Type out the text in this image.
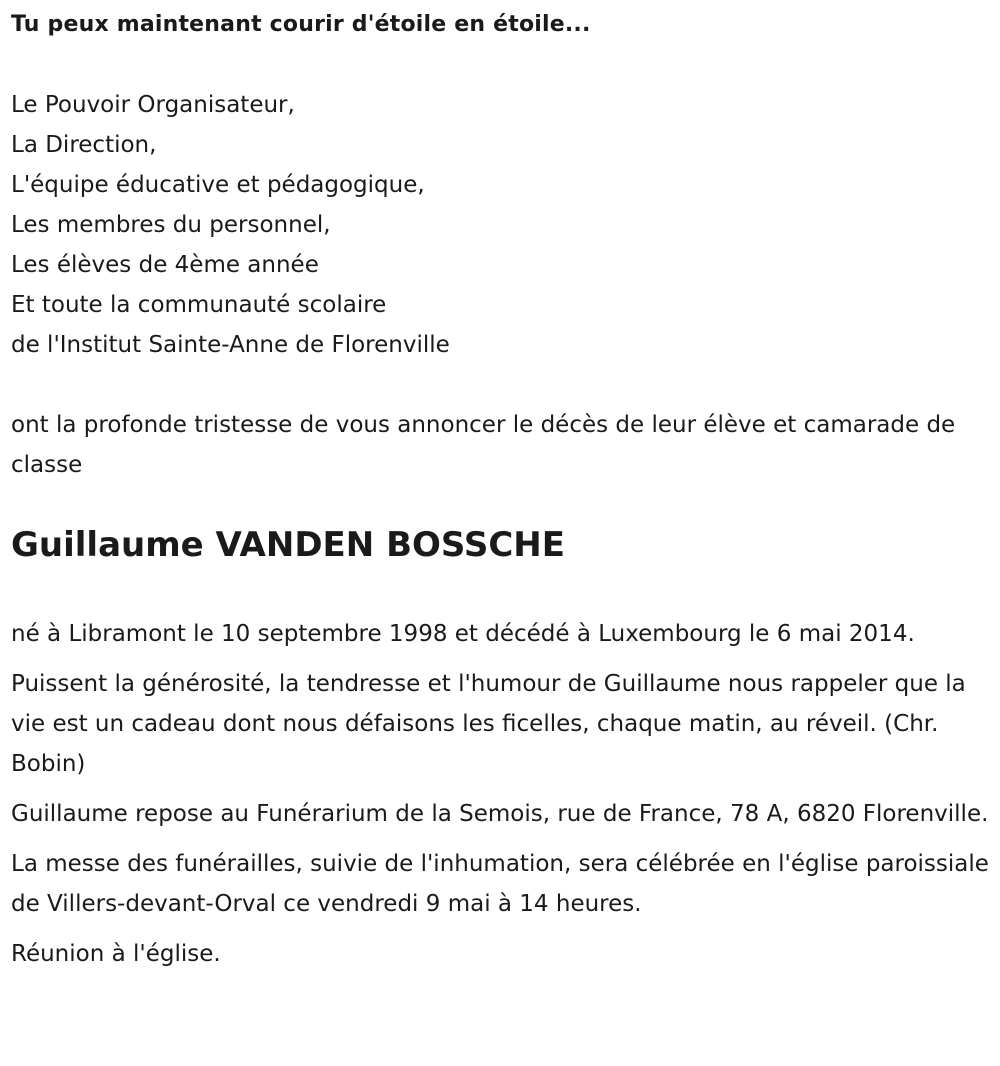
Tu peux maintenant courir d'étoile en étoile...
Le Pouvoir Organisateur,
La Direction,
L'équipe éducative et pédagogique,
Les membres du personnel,
Les élèves de 4ème année
Et toute la communauté scolaire
de l'Institut Sainte-Anne de Florenville

ont la profonde tristesse de vous annoncer le décès de leur élève et camarade de classe

Guillaume VANDEN BOSSCHE

né à Libramont le 10 septembre 1998 et décédé à Luxembourg le 6 mai 2014.

Puissent la générosité, la tendresse et l'humour de Guillaume nous rappeler que la vie est un cadeau dont nous défaisons les ficelles, chaque matin, au réveil. (Chr. Bobin)

Guillaume repose au Funérarium de la Semois, rue de France, 78 A, 6820 Florenville.

La messe des funérailles, suivie de l'inhumation, sera célébrée en l'église paroissiale de Villers-devant-Orval ce vendredi 9 mai à 14 heures.

Réunion à l'église.
